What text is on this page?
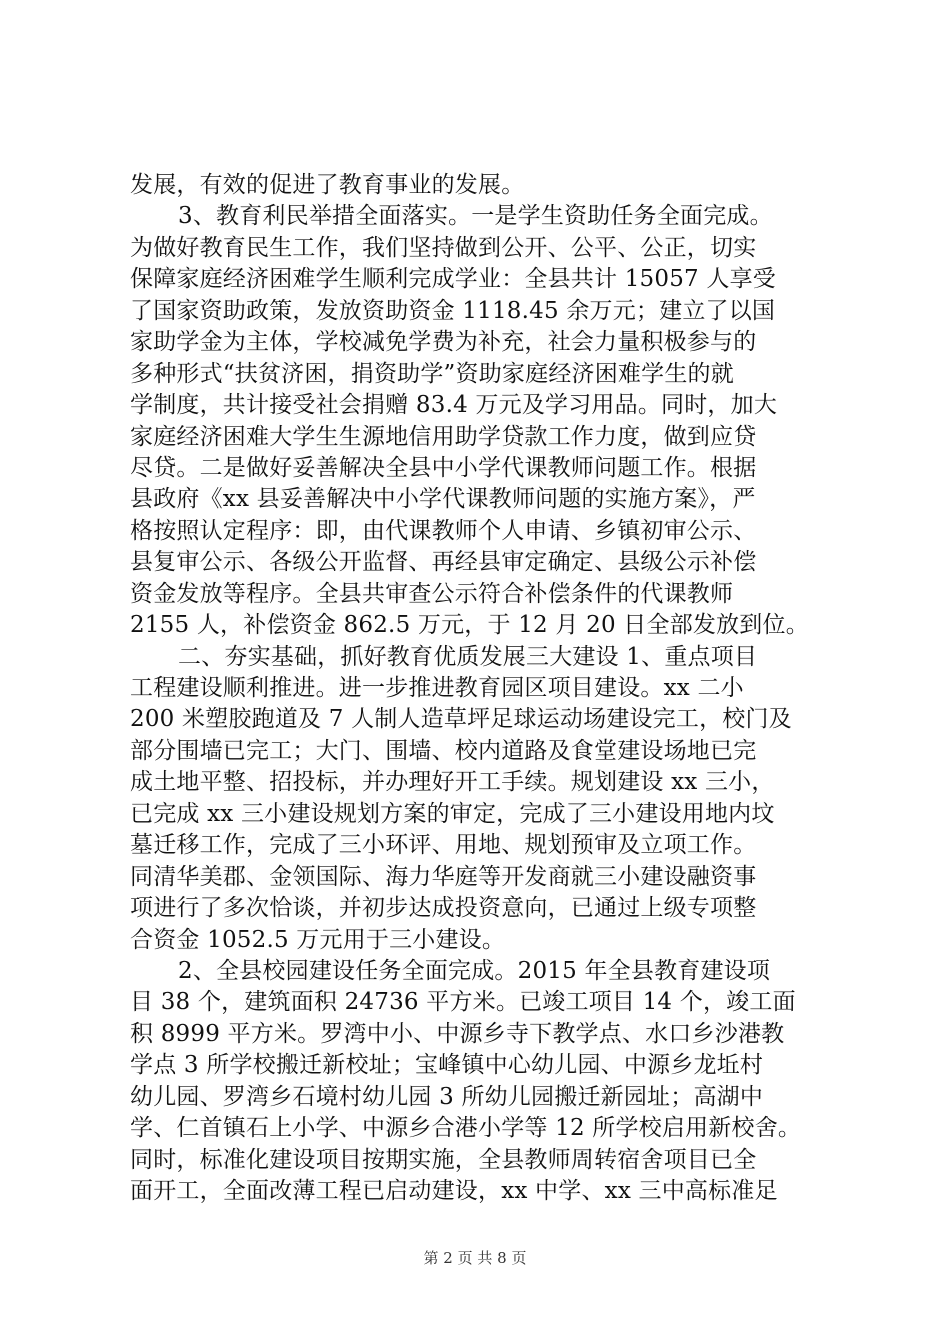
发展，有效的促进了教育事业的发展。
3、教育利民举措全面落实。一是学生资助任务全面完成。
为做好教育民生工作，我们坚持做到公开、公平、公正，切实
保障家庭经济困难学生顺利完成学业：全县共计 15057 人享受
了国家资助政策，发放资助资金 1118.45 余万元；建立了以国
家助学金为主体，学校减免学费为补充，社会力量积极参与的
多种形式“扶贫济困，捐资助学”资助家庭经济困难学生的就
学制度，共计接受社会捐赠 83.4 万元及学习用品。同时，加大
家庭经济困难大学生生源地信用助学贷款工作力度，做到应贷
尽贷。二是做好妥善解决全县中小学代课教师问题工作。根据
县政府《xx 县妥善解决中小学代课教师问题的实施方案》，严
格按照认定程序：即，由代课教师个人申请、乡镇初审公示、
县复审公示、各级公开监督、再经县审定确定、县级公示补偿
资金发放等程序。全县共审查公示符合补偿条件的代课教师
2155 人，补偿资金 862.5 万元，于 12 月 20 日全部发放到位。
二、夯实基础，抓好教育优质发展三大建设 1、重点项目
工程建设顺利推进。进一步推进教育园区项目建设。xx 二小
200 米塑胶跑道及 7 人制人造草坪足球运动场建设完工，校门及
部分围墙已完工；大门、围墙、校内道路及食堂建设场地已完
成土地平整、招投标，并办理好开工手续。规划建设 xx 三小，
已完成 xx 三小建设规划方案的审定，完成了三小建设用地内坟
墓迁移工作，完成了三小环评、用地、规划预审及立项工作。
同清华美郡、金领国际、海力华庭等开发商就三小建设融资事
项进行了多次恰谈，并初步达成投资意向，已通过上级专项整
合资金 1052.5 万元用于三小建设。
2、全县校园建设任务全面完成。2015 年全县教育建设项
目 38 个，建筑面积 24736 平方米。已竣工项目 14 个，竣工面
积 8999 平方米。罗湾中小、中源乡寺下教学点、水口乡沙港教
学点 3 所学校搬迁新校址；宝峰镇中心幼儿园、中源乡龙坵村
幼儿园、罗湾乡石境村幼儿园 3 所幼儿园搬迁新园址；高湖中
学、仁首镇石上小学、中源乡合港小学等 12 所学校启用新校舍。
同时，标准化建设项目按期实施，全县教师周转宿舍项目已全
面开工，全面改薄工程已启动建设，xx 中学、xx 三中高标准足
第 2 页 共 8 页
